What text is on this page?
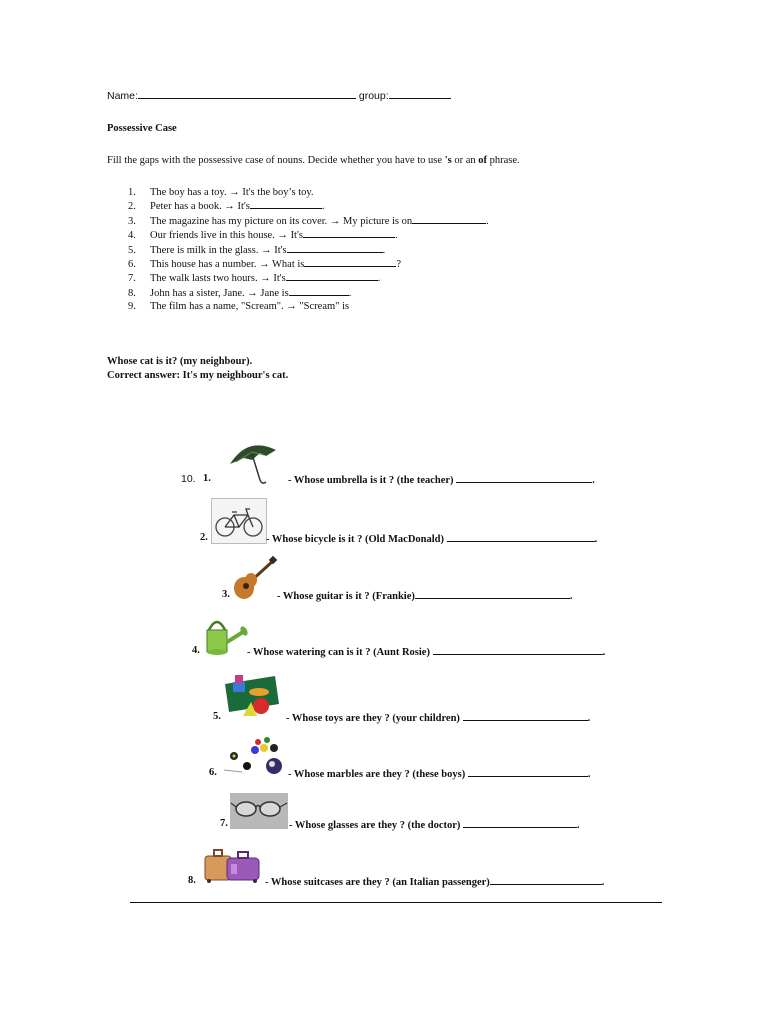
Name:	group:
Possessive Case
Fill the gaps with the possessive case of nouns. Decide whether you have to use 's or an of phrase.
1. The boy has a toy. → It's the boy’s toy.
2. Peter has a book. → It's	.
3. The magazine has my picture on its cover. → My picture is on	.
4. Our friends live in this house. → It's	.
5. There is milk in the glass. → It's	.
6. This house has a number. → What is	?
7. The walk lasts two hours. → It's	.
8. John has a sister, Jane. → Jane is	.
9. The film has a name, "Scream". → "Scream" is
Whose cat is it? (my neighbour).
Correct answer: It's my neighbour's cat.
10. 1.	- Whose umbrella is it ? (the teacher)	.
2.	- Whose bicycle is it ? (Old MacDonald)	.
3.	- Whose guitar is it ? (Frankie)	.
4.	- Whose watering can is it ? (Aunt Rosie)	.
5.	- Whose toys are they ? (your children)	.
6.	- Whose marbles are they ? (these boys)	.
7.	- Whose glasses are they ? (the doctor)	.
8.	- Whose suitcases are they ? (an Italian passenger)	.
